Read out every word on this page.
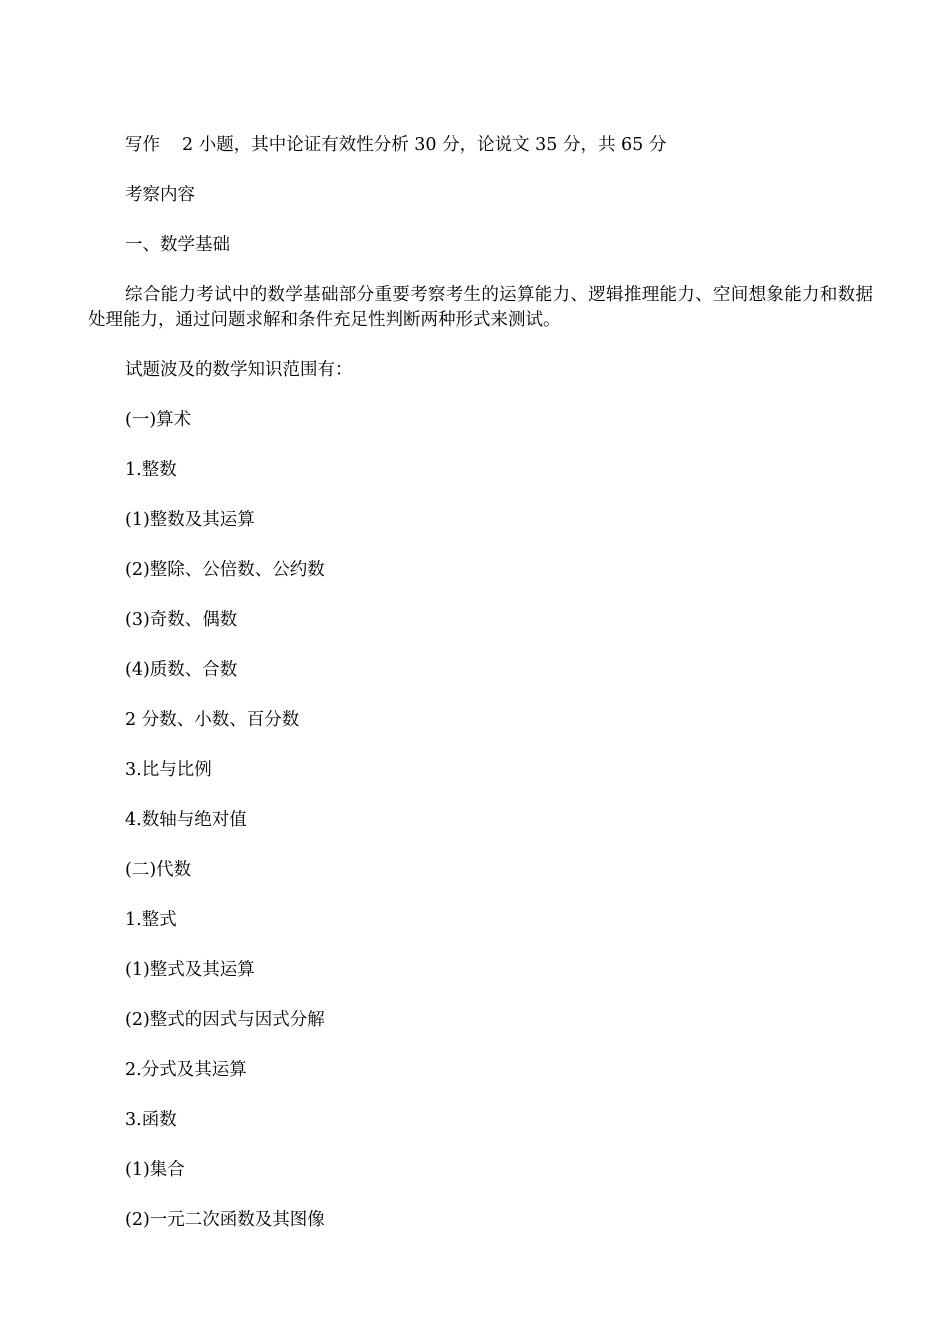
写作 2 小题，其中论证有效性分析 30 分，论说文 35 分，共 65 分

考察内容

一、数学基础

综合能力考试中的数学基础部分重要考察考生的运算能力、逻辑推理能力、空间想象能力和数据处理能力，通过问题求解和条件充足性判断两种形式来测试。

试题波及的数学知识范围有：

(一)算术

1.整数

(1)整数及其运算

(2)整除、公倍数、公约数

(3)奇数、偶数

(4)质数、合数

2 分数、小数、百分数

3.比与比例

4.数轴与绝对值

(二)代数

1.整式

(1)整式及其运算

(2)整式的因式与因式分解

2.分式及其运算

3.函数

(1)集合

(2)一元二次函数及其图像
